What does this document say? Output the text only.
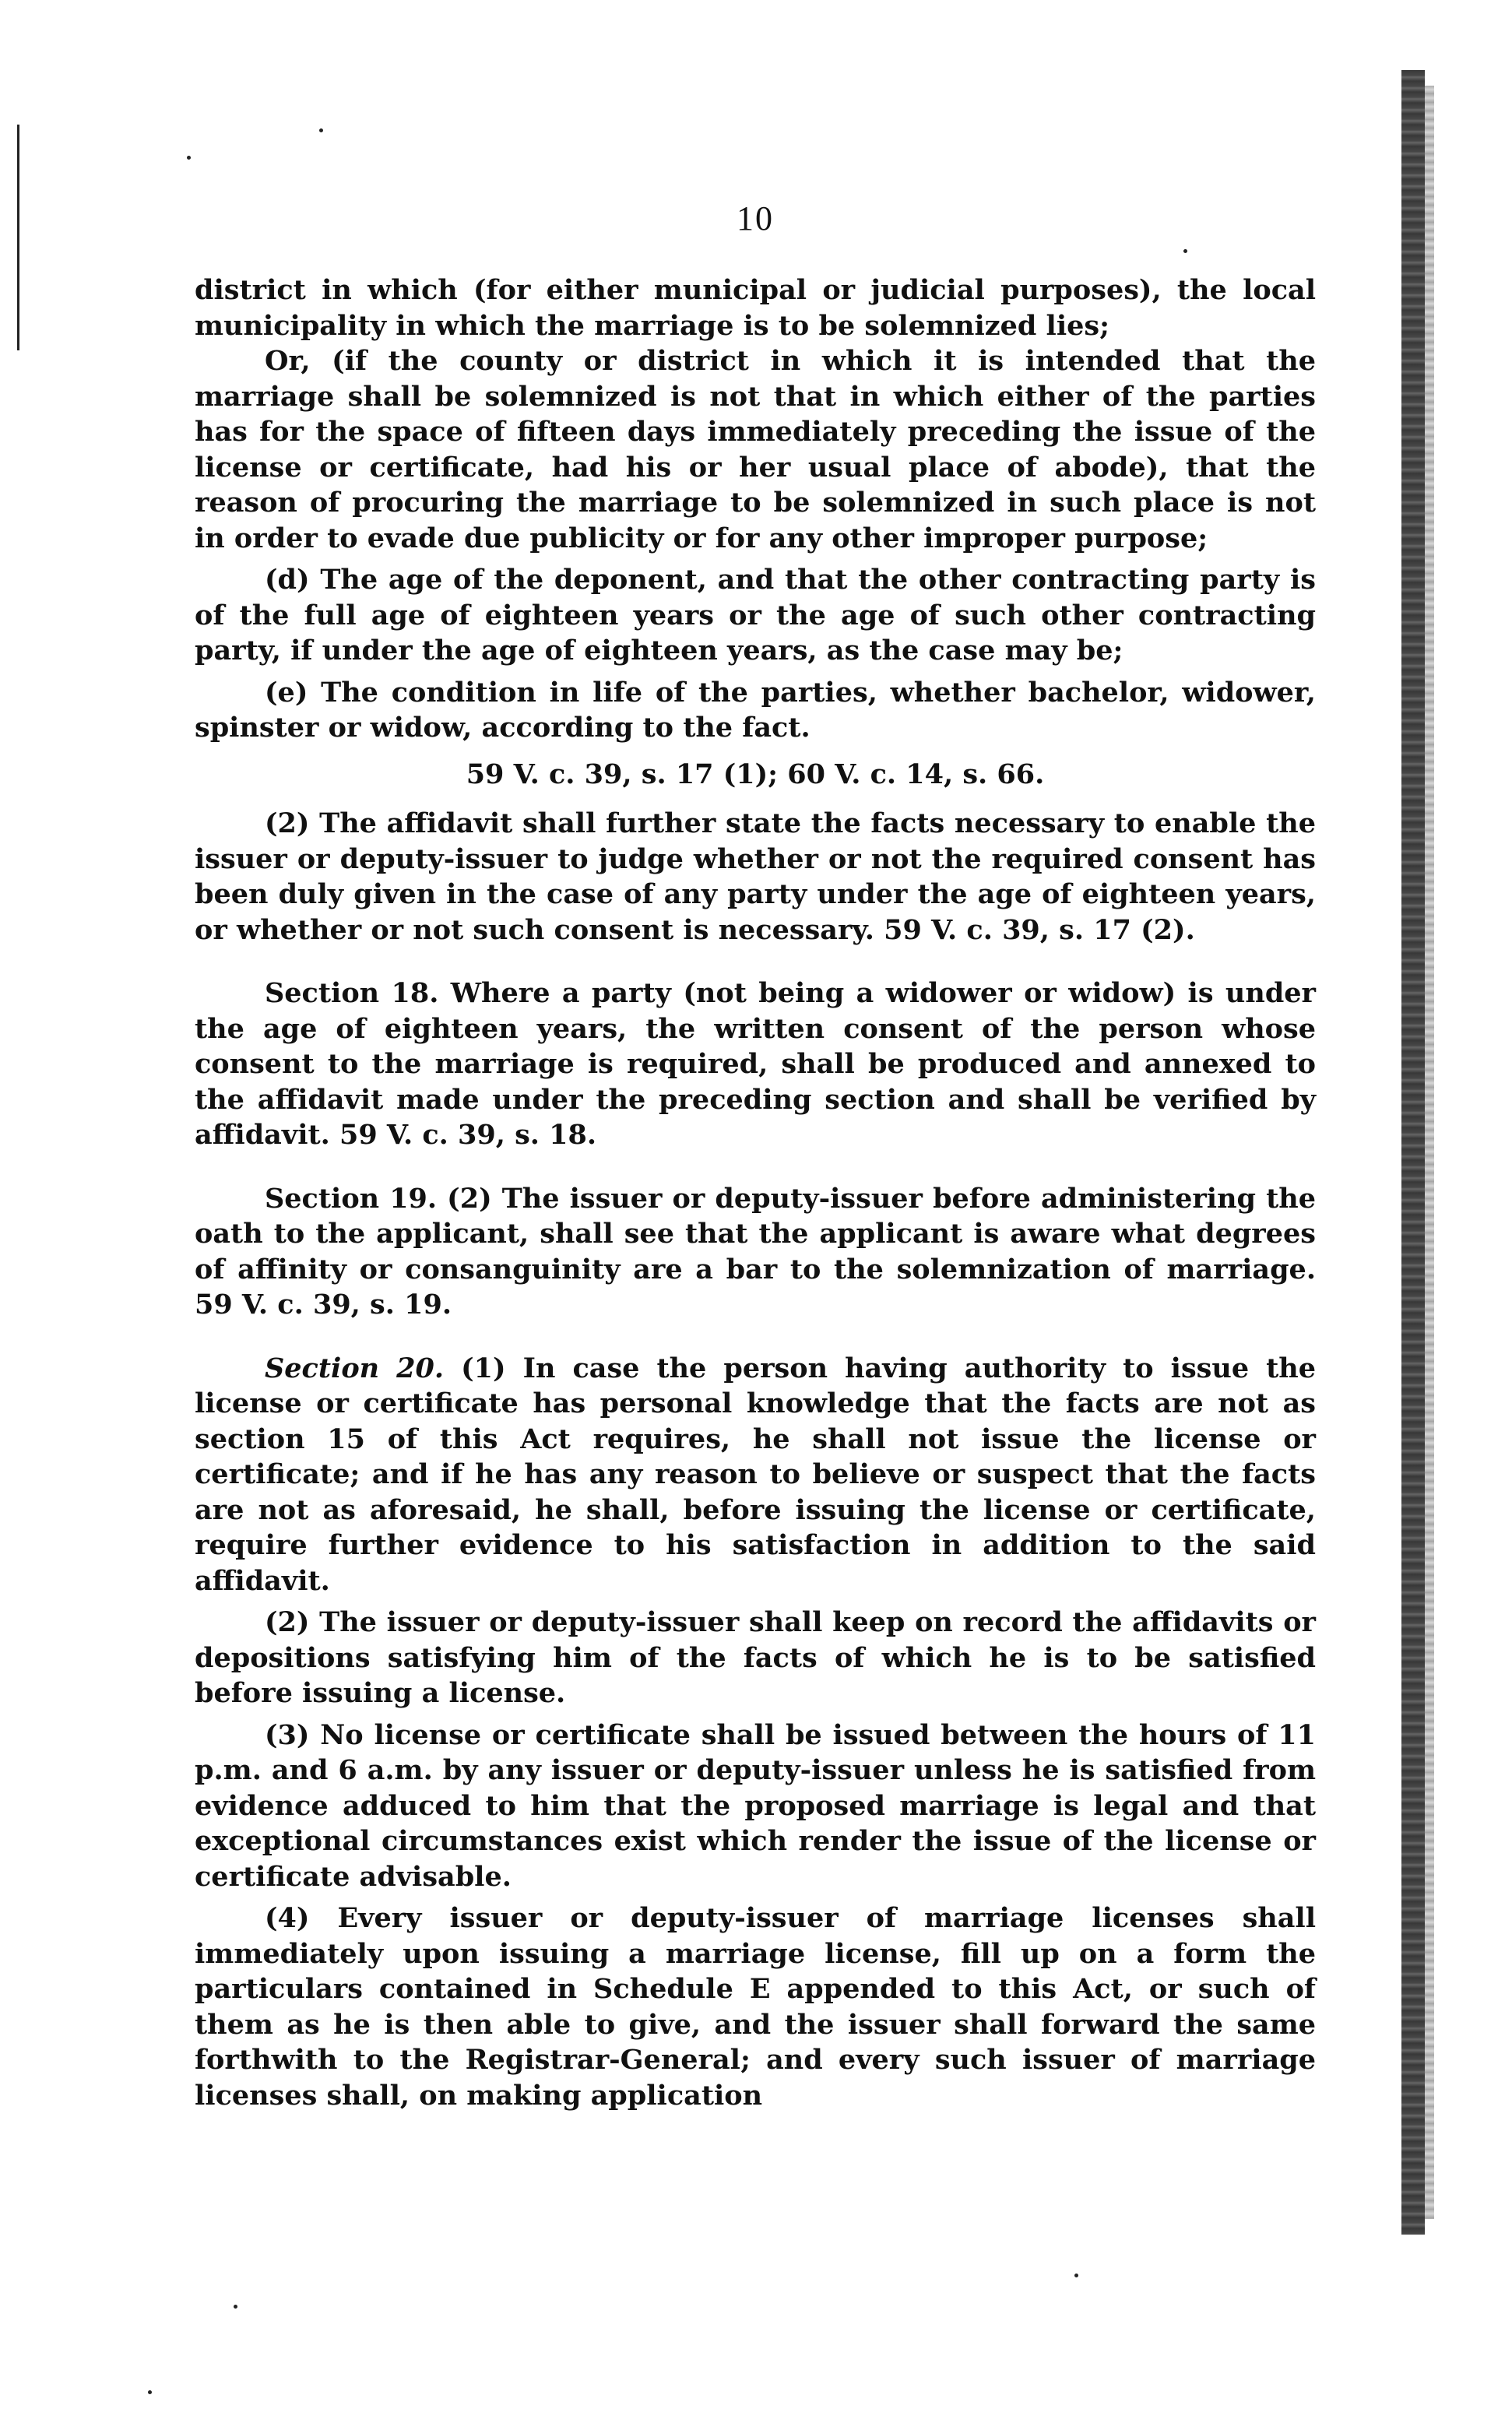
10

district in which (for either municipal or judicial purposes), the local municipality in which the marriage is to be solemnized lies;

Or, (if the county or district in which it is intended that the marriage shall be solemnized is not that in which either of the parties has for the space of fifteen days immediately preceding the issue of the license or certificate, had his or her usual place of abode), that the reason of procuring the marriage to be solemnized in such place is not in order to evade due publicity or for any other improper purpose;

(d) The age of the deponent, and that the other contracting party is of the full age of eighteen years or the age of such other contracting party, if under the age of eighteen years, as the case may be;

(e) The condition in life of the parties, whether bachelor, widower, spinster or widow, according to the fact.

59 V. c. 39, s. 17 (1); 60 V. c. 14, s. 66.

(2) The affidavit shall further state the facts necessary to enable the issuer or deputy-issuer to judge whether or not the required consent has been duly given in the case of any party under the age of eighteen years, or whether or not such consent is necessary. 59 V. c. 39, s. 17 (2).

Section 18. Where a party (not being a widower or widow) is under the age of eighteen years, the written consent of the person whose consent to the marriage is required, shall be produced and annexed to the affidavit made under the preceding section and shall be verified by affidavit. 59 V. c. 39, s. 18.

Section 19. (2) The issuer or deputy-issuer before administering the oath to the applicant, shall see that the applicant is aware what degrees of affinity or consanguinity are a bar to the solemnization of marriage. 59 V. c. 39, s. 19.

Section 20. (1) In case the person having authority to issue the license or certificate has personal knowledge that the facts are not as section 15 of this Act requires, he shall not issue the license or certificate; and if he has any reason to believe or suspect that the facts are not as aforesaid, he shall, before issuing the license or certificate, require further evidence to his satisfaction in addition to the said affidavit.

(2) The issuer or deputy-issuer shall keep on record the affidavits or depositions satisfying him of the facts of which he is to be satisfied before issuing a license.

(3) No license or certificate shall be issued between the hours of 11 p.m. and 6 a.m. by any issuer or deputy-issuer unless he is satisfied from evidence adduced to him that the proposed marriage is legal and that exceptional circumstances exist which render the issue of the license or certificate advisable.

(4) Every issuer or deputy-issuer of marriage licenses shall immediately upon issuing a marriage license, fill up on a form the particulars contained in Schedule E appended to this Act, or such of them as he is then able to give, and the issuer shall forward the same forthwith to the Registrar-General; and every such issuer of marriage licenses shall, on making application
